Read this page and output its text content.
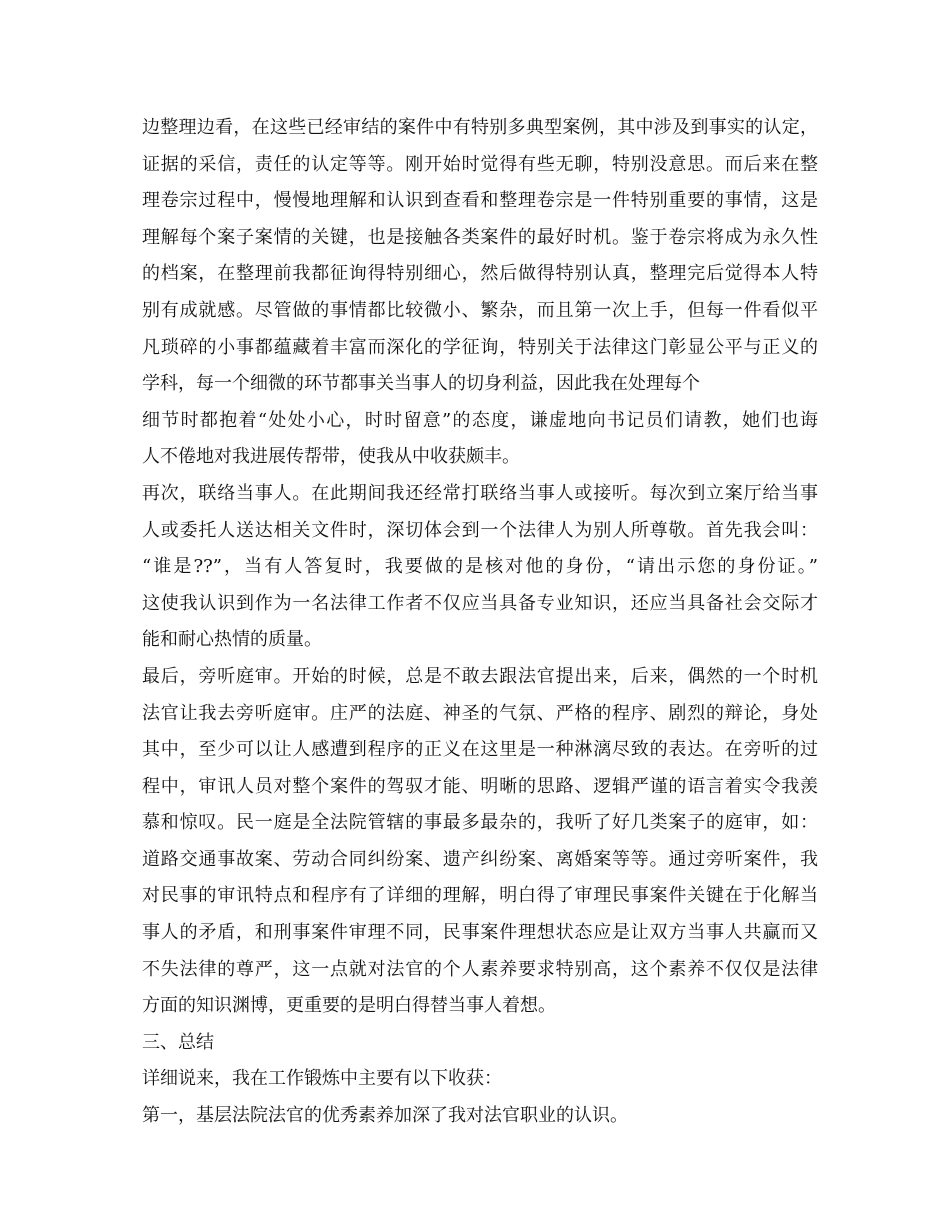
边整理边看，在这些已经审结的案件中有特别多典型案例，其中涉及到事实的认定，
证据的采信，责任的认定等等。刚开始时觉得有些无聊，特别没意思。而后来在整
理卷宗过程中，慢慢地理解和认识到查看和整理卷宗是一件特别重要的事情，这是
理解每个案子案情的关键，也是接触各类案件的最好时机。鉴于卷宗将成为永久性
的档案，在整理前我都征询得特别细心，然后做得特别认真，整理完后觉得本人特
别有成就感。尽管做的事情都比较微小、繁杂，而且第一次上手，但每一件看似平
凡琐碎的小事都蕴藏着丰富而深化的学征询，特别关于法律这门彰显公平与正义的
学科，每一个细微的环节都事关当事人的切身利益，因此我在处理每个
细节时都抱着“处处小心，时时留意”的态度，谦虚地向书记员们请教，她们也诲
人不倦地对我进展传帮带，使我从中收获颇丰。
再次，联络当事人。在此期间我还经常打联络当事人或接听。每次到立案厅给当事
人或委托人送达相关文件时，深切体会到一个法律人为别人所尊敬。首先我会叫：
“谁是??”，当有人答复时，我要做的是核对他的身份，“请出示您的身份证。”
这使我认识到作为一名法律工作者不仅应当具备专业知识，还应当具备社会交际才
能和耐心热情的质量。
最后，旁听庭审。开始的时候，总是不敢去跟法官提出来，后来，偶然的一个时机
法官让我去旁听庭审。庄严的法庭、神圣的气氛、严格的程序、剧烈的辩论，身处
其中，至少可以让人感遭到程序的正义在这里是一种淋漓尽致的表达。在旁听的过
程中，审讯人员对整个案件的驾驭才能、明晰的思路、逻辑严谨的语言着实令我羡
慕和惊叹。民一庭是全法院管辖的事最多最杂的，我听了好几类案子的庭审，如：
道路交通事故案、劳动合同纠纷案、遗产纠纷案、离婚案等等。通过旁听案件，我
对民事的审讯特点和程序有了详细的理解，明白得了审理民事案件关键在于化解当
事人的矛盾，和刑事案件审理不同，民事案件理想状态应是让双方当事人共赢而又
不失法律的尊严，这一点就对法官的个人素养要求特别高，这个素养不仅仅是法律
方面的知识渊博，更重要的是明白得替当事人着想。
三、总结
详细说来，我在工作锻炼中主要有以下收获：
第一，基层法院法官的优秀素养加深了我对法官职业的认识。
